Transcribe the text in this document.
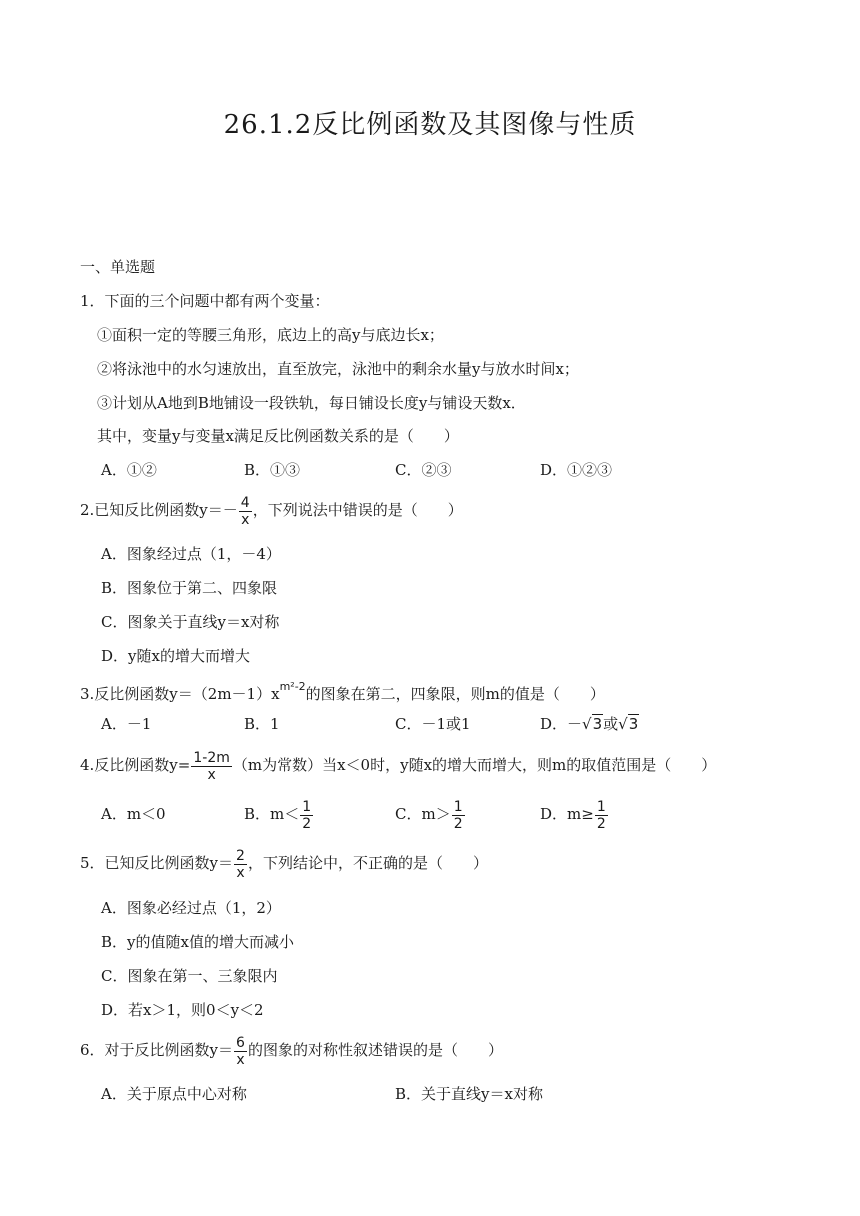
26.1.2反比例函数及其图像与性质
一、单选题
1．下面的三个问题中都有两个变量：
①面积一定的等腰三角形，底边上的高y与底边长x；
②将泳池中的水匀速放出，直至放完，泳池中的剩余水量y与放水时间x；
③计划从A地到B地铺设一段铁轨，每日铺设长度y与铺设天数x．
其中，变量y与变量x满足反比例函数关系的是（　　）
A．①②	B．①③	C．②③	D．①②③
2.已知反比例函数$y=- \frac{4}{x}$ ，下列说法中错误的是（　　）
A．图象经过点（1，－4）
B．图象位于第二、四象限
C．图象关于直线y＝x对称
D．y随x的增大而增大
3.反比例函数$y=(2m-1)x^{m^2-2}$的图象在第二，四象限，则m的值是（　　）
A．－1	B．1	C．－1或1	D．－√3或√3
4.反比例函数$y= \frac{1-2m}{x} (m$为常数）当x＜0时，y随x的增大而增大，则m的取值范围是（　　）
A．m＜0	B．$m< \frac{1}{2}$	C．$m> \frac{1}{2}$	D．$m\ge \frac{1}{2}$
5．已知反比例函数$y= \frac{2}{x}$ ，下列结论中，不正确的是（　　）
A．图象必经过点（1，2）
B．y的值随x值的增大而减小
C．图象在第一、三象限内
D．若x＞1，则0＜y＜2
6．对于反比例函数$y= \frac{6}{x}$ 的图象的对称性叙述错误的是（　　）
A．关于原点中心对称	B．关于直线y＝x对称
